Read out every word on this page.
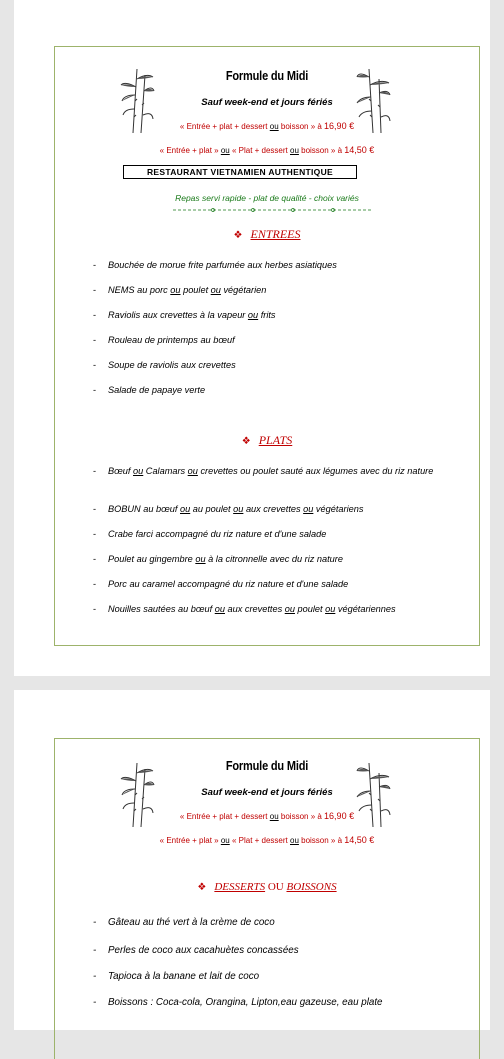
Formule du Midi
Sauf week-end et jours fériés
« Entrée + plat + dessert ou boisson » à 16,90 €
« Entrée + plat » ou « Plat + dessert ou boisson » à 14,50 €
RESTAURANT VIETNAMIEN AUTHENTIQUE
Repas servi rapide - plat de qualité - choix variés
❖ ENTREES
- Bouchée de morue frite parfumée aux herbes asiatiques
- NEMS au porc ou poulet ou végétarien
- Raviolis aux crevettes à la vapeur ou frits
- Rouleau de printemps au bœuf
- Soupe de raviolis aux crevettes
- Salade de papaye verte
❖ PLATS
- Bœuf ou Calamars ou crevettes ou poulet sauté aux légumes avec du riz nature
- BOBUN au bœuf ou au poulet ou aux crevettes ou végétariens
- Crabe farci accompagné du riz nature et d'une salade
- Poulet au gingembre ou à la citronnelle avec du riz nature
- Porc au caramel accompagné du riz nature et d'une salade
- Nouilles sautées au bœuf ou aux crevettes ou poulet ou végétariennes
Formule du Midi
Sauf week-end et jours fériés
« Entrée + plat + dessert ou boisson » à 16,90 €
« Entrée + plat » ou « Plat + dessert ou boisson » à 14,50 €
❖ DESSERTS OU BOISSONS
- Gâteau au thé vert à la crème de coco
- Perles de coco aux cacahuètes concassées
- Tapioca à la banane et lait de coco
- Boissons : Coca-cola, Orangina, Lipton,eau gazeuse, eau plate
